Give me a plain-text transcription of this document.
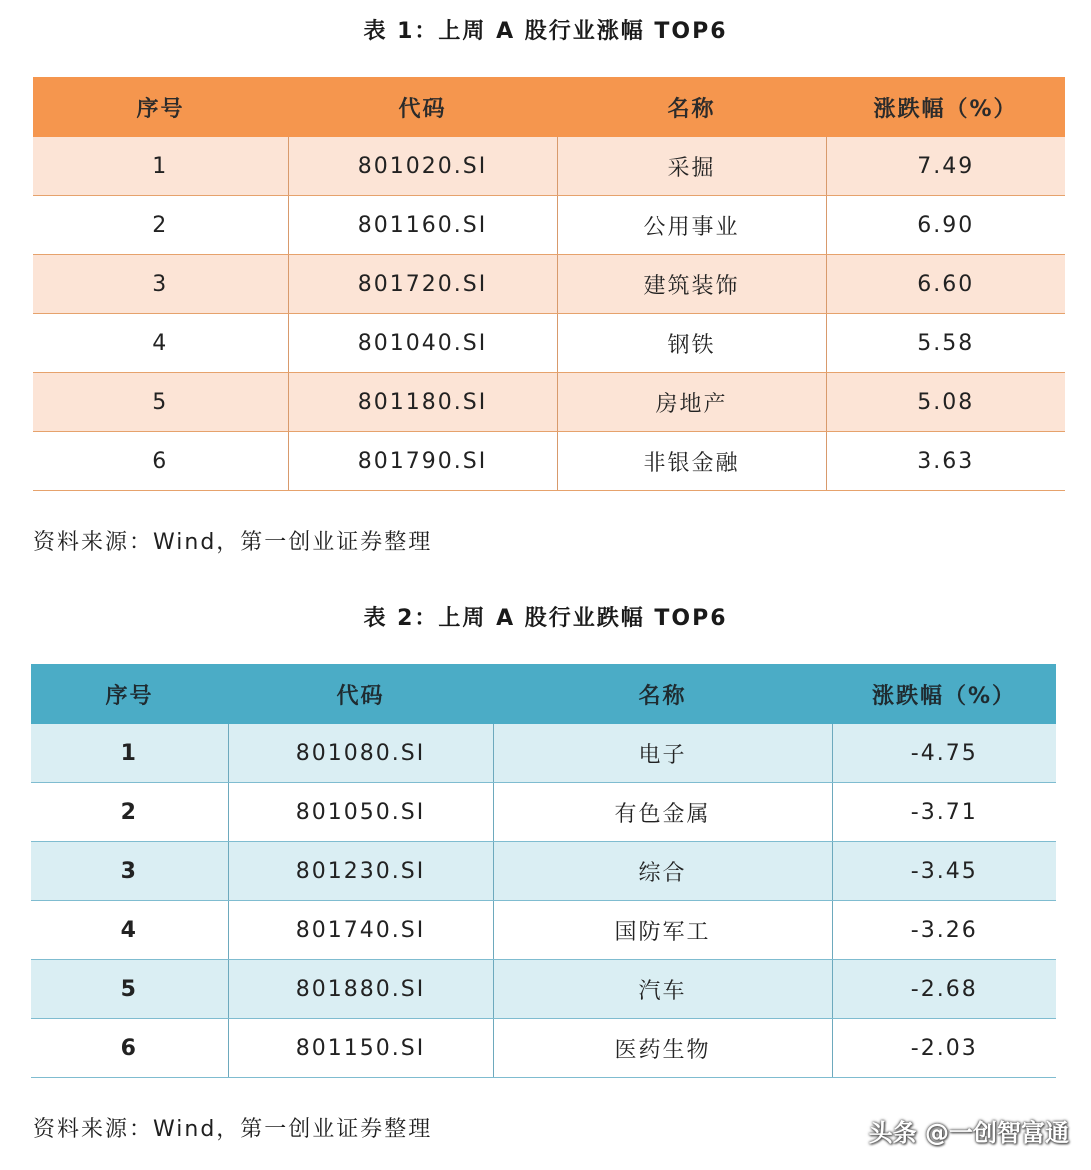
表 1：上周 A 股行业涨幅 TOP6
序号	代码	名称	涨跌幅（%）
1	801020.SI	采掘	7.49
2	801160.SI	公用事业	6.90
3	801720.SI	建筑装饰	6.60
4	801040.SI	钢铁	5.58
5	801180.SI	房地产	5.08
6	801790.SI	非银金融	3.63
资料来源：Wind，第一创业证券整理
表 2：上周 A 股行业跌幅 TOP6
序号	代码	名称	涨跌幅（%）
1	801080.SI	电子	-4.75
2	801050.SI	有色金属	-3.71
3	801230.SI	综合	-3.45
4	801740.SI	国防军工	-3.26
5	801880.SI	汽车	-2.68
6	801150.SI	医药生物	-2.03
资料来源：Wind，第一创业证券整理	头条 @一创智富通
